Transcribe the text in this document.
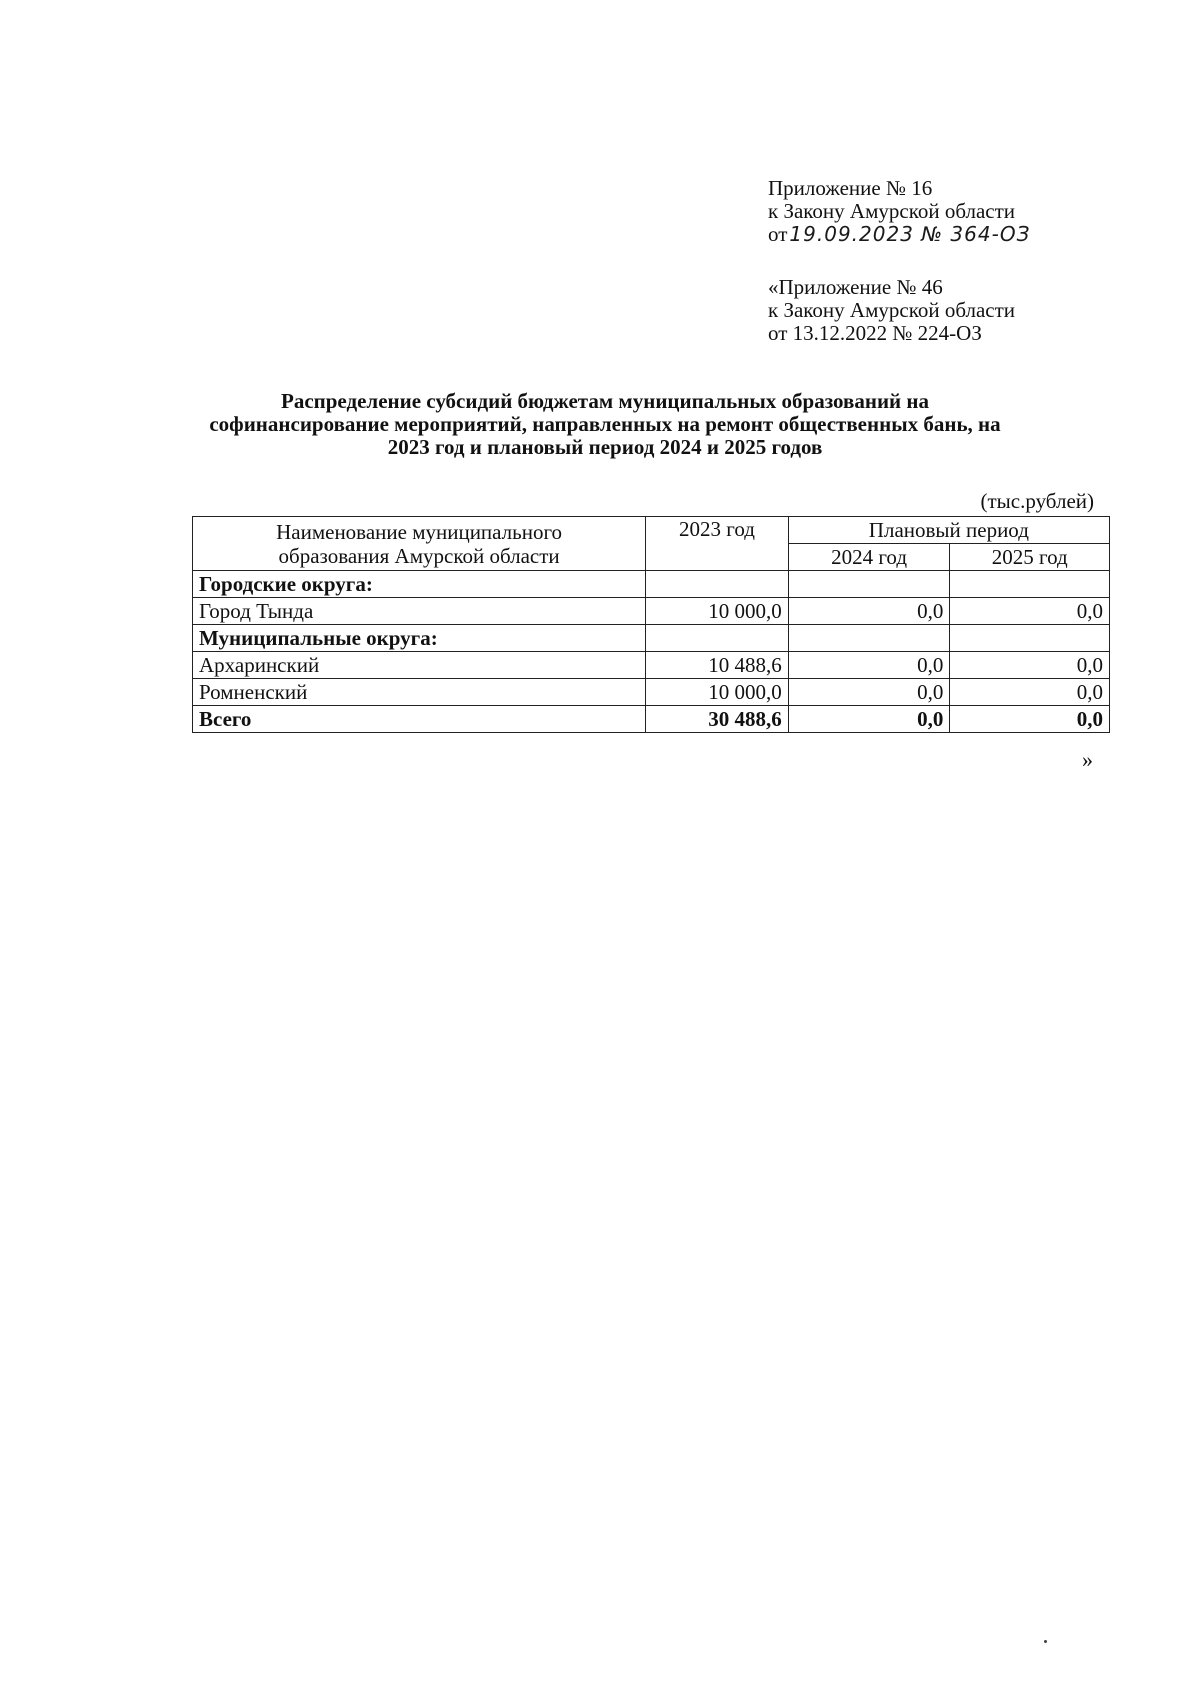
Приложение № 16
к Закону Амурской области
от 19.09.2023 № 364-ОЗ
«Приложение № 46
к Закону Амурской области
от 13.12.2022 № 224-ОЗ
Распределение субсидий бюджетам муниципальных образований на
софинансирование мероприятий, направленных на ремонт общественных бань, на
2023 год и плановый период 2024 и 2025 годов
(тыс.рублей)
Наименование муниципального
образования Амурской области	2023 год	Плановый период	
		2024 год	2025 год
Городские округа:			
Город Тында	10 000,0	0,0	0,0
Муниципальные округа:			
Архаринский	10 488,6	0,0	0,0
Ромненский	10 000,0	0,0	0,0
Всего	30 488,6	0,0	0,0
»
